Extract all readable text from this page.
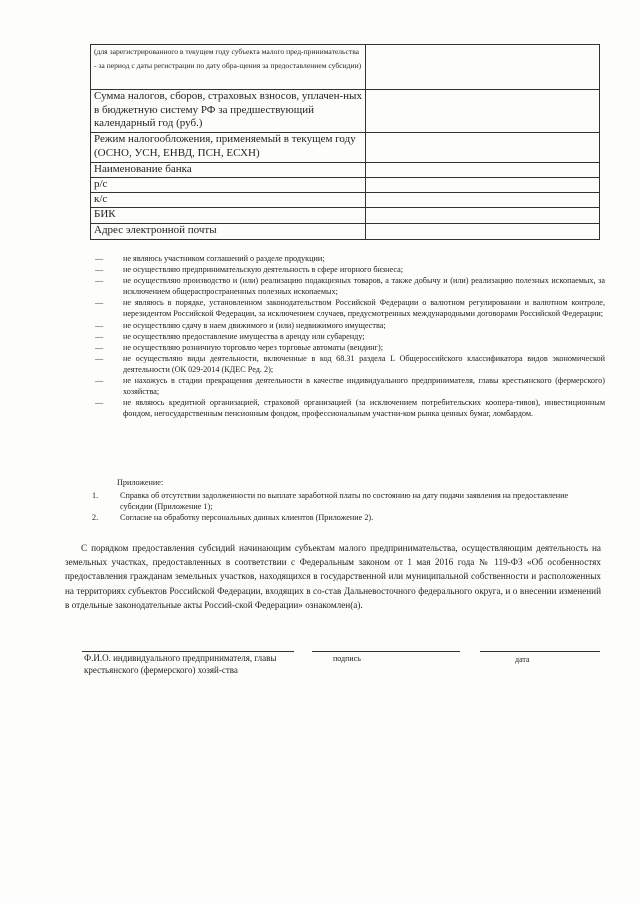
(для зарегистрированного в текущем году субъекта малого пред-принимательства - за период с даты регистрации по дату обра-щения за предоставлением субсидии)	
Сумма налогов, сборов, страховых взносов, уплачен-ных в бюджетную систему РФ за предшествующий календарный год (руб.)	
Режим налогообложения, применяемый в текущем году (ОСНО, УСН, ЕНВД, ПСН, ЕСХН)	
Наименование банка	
р/с	
к/с	
БИК	
Адрес электронной почты	
—	не являюсь участником соглашений о разделе продукции;
—	не осуществляю предпринимательскую деятельность в сфере игорного бизнеса;
—	не осуществляю производство и (или) реализацию подакцизных товаров, а также добычу и (или) реализацию полезных ископаемых, за исключением общераспространенных полезных ископаемых;
—	не являюсь в порядке, установленном законодательством Российской Федерации о валютном регулировании и валютном контроле, нерезидентом Российской Федерации, за исключением случаев, предусмотренных международными договорами Российской Федерации;
—	не осуществляю сдачу в наем движимого и (или) недвижимого имущества;
—	не осуществляю предоставление имущества в аренду или субаренду;
—	не осуществляю розничную торговлю через торговые автоматы (вендинг);
—	не осуществляю виды деятельности, включенные в код 68.31 раздела L Общероссийского классификатора видов экономической деятельности (ОК 029-2014 (КДЕС Ред. 2);
—	не нахожусь в стадии прекращения деятельности в качестве индивидуального предпринимателя, главы крестьянского (фермерского) хозяйства;
—	не являюсь кредитной организацией, страховой организацией (за исключением потребительских коопера-тивов), инвестиционным фондом, негосударственным пенсионным фондом, профессиональным участни-ком рынка ценных бумаг, ломбардом.
Приложение:
1.	Справка об отсутствии задолженности по выплате заработной платы по состоянию на дату подачи заявления на предоставление субсидии (Приложение 1);
2.	Согласие на обработку персональных данных клиентов (Приложение 2).

С порядком предоставления субсидий начинающим субъектам малого предпринимательства, осуществляющим деятельность на земельных участках, предоставленных в соответствии с Федеральным законом от 1 мая 2016 года № 119-ФЗ «Об особенностях предоставления гражданам земельных участков, находящихся в государственной или муниципальной собственности и расположенных на территориях субъектов Российской Федерации, входящих в со-став Дальневосточного федерального округа, и о внесении изменений в отдельные законодательные акты Россий-ской Федерации» ознакомлен(а).

Ф.И.О. индивидуального предпринимателя, главы крестьянского (фермерского) хозяй-ства
подпись	дата
